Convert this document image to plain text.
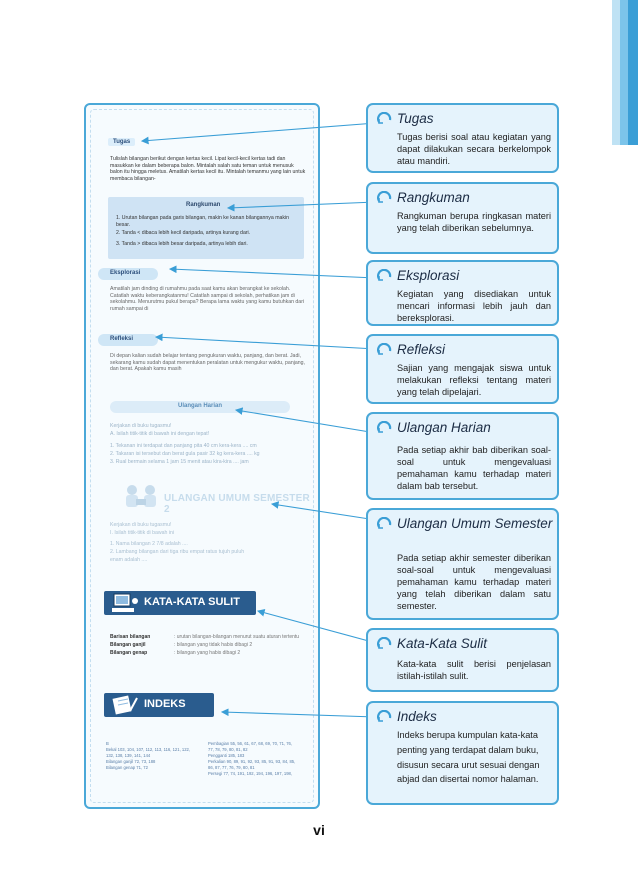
Tugas
Tulislah bilangan berikut dengan kertas kecil. Lipat kecil-kecil kertas tadi dan masukkan ke dalam beberapa balon. Mintalah salah satu teman untuk menusuk balon itu hingga meletus. Amatilah kertas kecil itu. Mintalah temanmu yang lain untuk membaca bilangan-
Rangkuman
1. Urutan bilangan pada garis bilangan, makin ke kanan bilangannya makin besar.
2. Tanda < dibaca lebih kecil daripada, artinya kurang dari.
3. Tanda > dibaca lebih besar daripada, artinya lebih dari.
Eksplorasi
Amatilah jam dinding di rumahmu pada saat kamu akan berangkat ke sekolah. Catatlah waktu keberangkatanmu! Catatlah sampai di sekolah, perhatikan jam di sekolahmu. Menurutmu pukul berapa? Berapa lama waktu yang kamu butuhkan dari rumah sampai di
Refleksi
Di depan kalian sudah belajar tentang pengukuran waktu, panjang, dan berat. Jadi, sekarang kamu sudah dapat menentukan peralatan untuk mengukur waktu, panjang, dan berat. Apakah kamu masih
Ulangan Harian
Kerjakan di buku tugasmu!
A. Isilah titik-titik di bawah ini dengan tepat!
1. Tekanan ini terdapat dan panjang pita 40 cm kera-kera .... cm
2. Takaran isi tersebut dan berat gula pasir 32 kg kera-kera .... kg
3. Rual bermain selama 1 jam 15 menit atau kira-kira .... jam
ULANGAN UMUM SEMESTER 2
Kerjakan di buku tugasmu!
I. Isilah titik-titik di bawah ini
1. Nama bilangan 2 7/8 adalah ....
2. Lambang bilangan dari tiga ribu empat ratus tujuh puluh
enam adalah ....
KATA-KATA SULIT
Barisan bilangan	: urutan bilangan-bilangan menurut suatu aturan tertentu
Bilangan ganjil	: bilangan yang tidak habis dibagi 2
Bilangan genap	: bilangan yang habis dibagi 2
INDEKS
B
Bekal 103, 104, 107, 112, 113, 116, 121, 122,
132, 138, 139, 141, 144
Bilangan ganjil 72, 73, 188
Bilangan genap 71, 72
Pembagian 55, 56, 61, 67, 68, 69, 70, 71, 76,
77, 78, 79, 80, 81, 82
Pengganti 185, 183
Perkalian 90, 89, 91, 92, 93, 85, 91, 93, 84, 85,
86, 87, 77, 76, 79, 80, 81
Persegi 77, 74, 191, 192, 194, 196, 197, 198,
Tugas
Tugas berisi soal atau kegiatan yang dapat dilakukan secara berkelompok atau mandiri.
Rangkuman
Rangkuman berupa ringkasan materi yang telah diberikan sebelumnya.
Eksplorasi
Kegiatan yang disediakan untuk mencari informasi lebih jauh dan bereksplorasi.
Refleksi
Sajian yang mengajak siswa untuk melakukan refleksi tentang materi yang telah dipelajari.
Ulangan Harian
Pada setiap akhir bab diberikan soal-soal untuk mengevaluasi pemahaman kamu terhadap materi dalam bab tersebut.
Ulangan Umum Semester
Pada setiap akhir semester diberikan soal-soal untuk mengevaluasi pemahaman kamu terhadap materi yang telah diberikan dalam satu semester.
Kata-Kata Sulit
Kata-kata sulit berisi penjelasan istilah-istilah sulit.
Indeks
Indeks berupa kumpulan kata-kata penting yang terdapat dalam buku, disusun secara urut sesuai dengan abjad dan disertai nomor halaman.
vi
